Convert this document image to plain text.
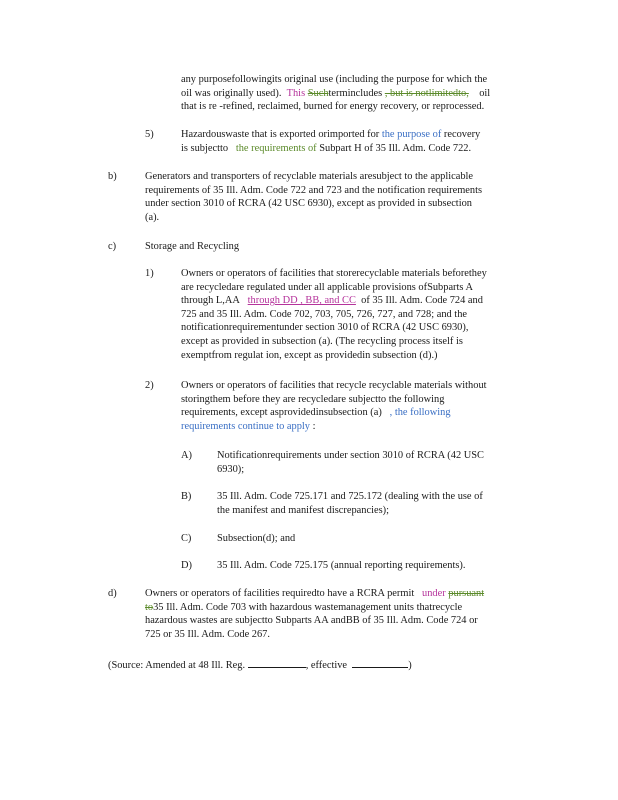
any purposefollowingits original use (including the purpose for which the
oil was originally used). This Suchtermincludes , but is notlimitedto, oil
that is re -refined, reclaimed, burned for energy recovery, or reprocessed.
5)	Hazardouswaste that is exported orimported for the purpose of recovery
is subjectto the requirements of Subpart H of 35 Ill. Adm. Code 722.
b)	Generators and transporters of recyclable materials aresubject to the applicable
requirements of 35 Ill. Adm. Code 722 and 723 and the notification requirements
under section 3010 of RCRA (42 USC 6930), except as provided in subsection
(a).
c)	Storage and Recycling
1)	Owners or operators of facilities that storerecyclable materials beforethey
are recycledare regulated under all applicable provisions ofSubparts A
through L,AA through DD , BB, and CC of 35 Ill. Adm. Code 724 and
725 and 35 Ill. Adm. Code 702, 703, 705, 726, 727, and 728; and the
notificationrequirementunder section 3010 of RCRA (42 USC 6930),
except as provided in subsection (a). (The recycling process itself is
exemptfrom regulat ion, except as providedin subsection (d).)
2)	Owners or operators of facilities that recycle recyclable materials without
storingthem before they are recycledare subjectto the following
requirements, except asprovidedinsubsection (a) , the following
requirements continue to apply :
A) Notificationrequirements under section 3010 of RCRA (42 USC
6930);
B) 35 Ill. Adm. Code 725.171 and 725.172 (dealing with the use of
the manifest and manifest discrepancies);
C) Subsection(d); and
D) 35 Ill. Adm. Code 725.175 (annual reporting requirements).
d)	Owners or operators of facilities requiredto have a RCRA permit under pursuant
to35 Ill. Adm. Code 703 with hazardous wastemanagement units thatrecycle
hazardous wastes are subjectto Subparts AA andBB of 35 Ill. Adm. Code 724 or
725 or 35 Ill. Adm. Code 267.
(Source: Amended at 48 Ill. Reg.	, effective	)
